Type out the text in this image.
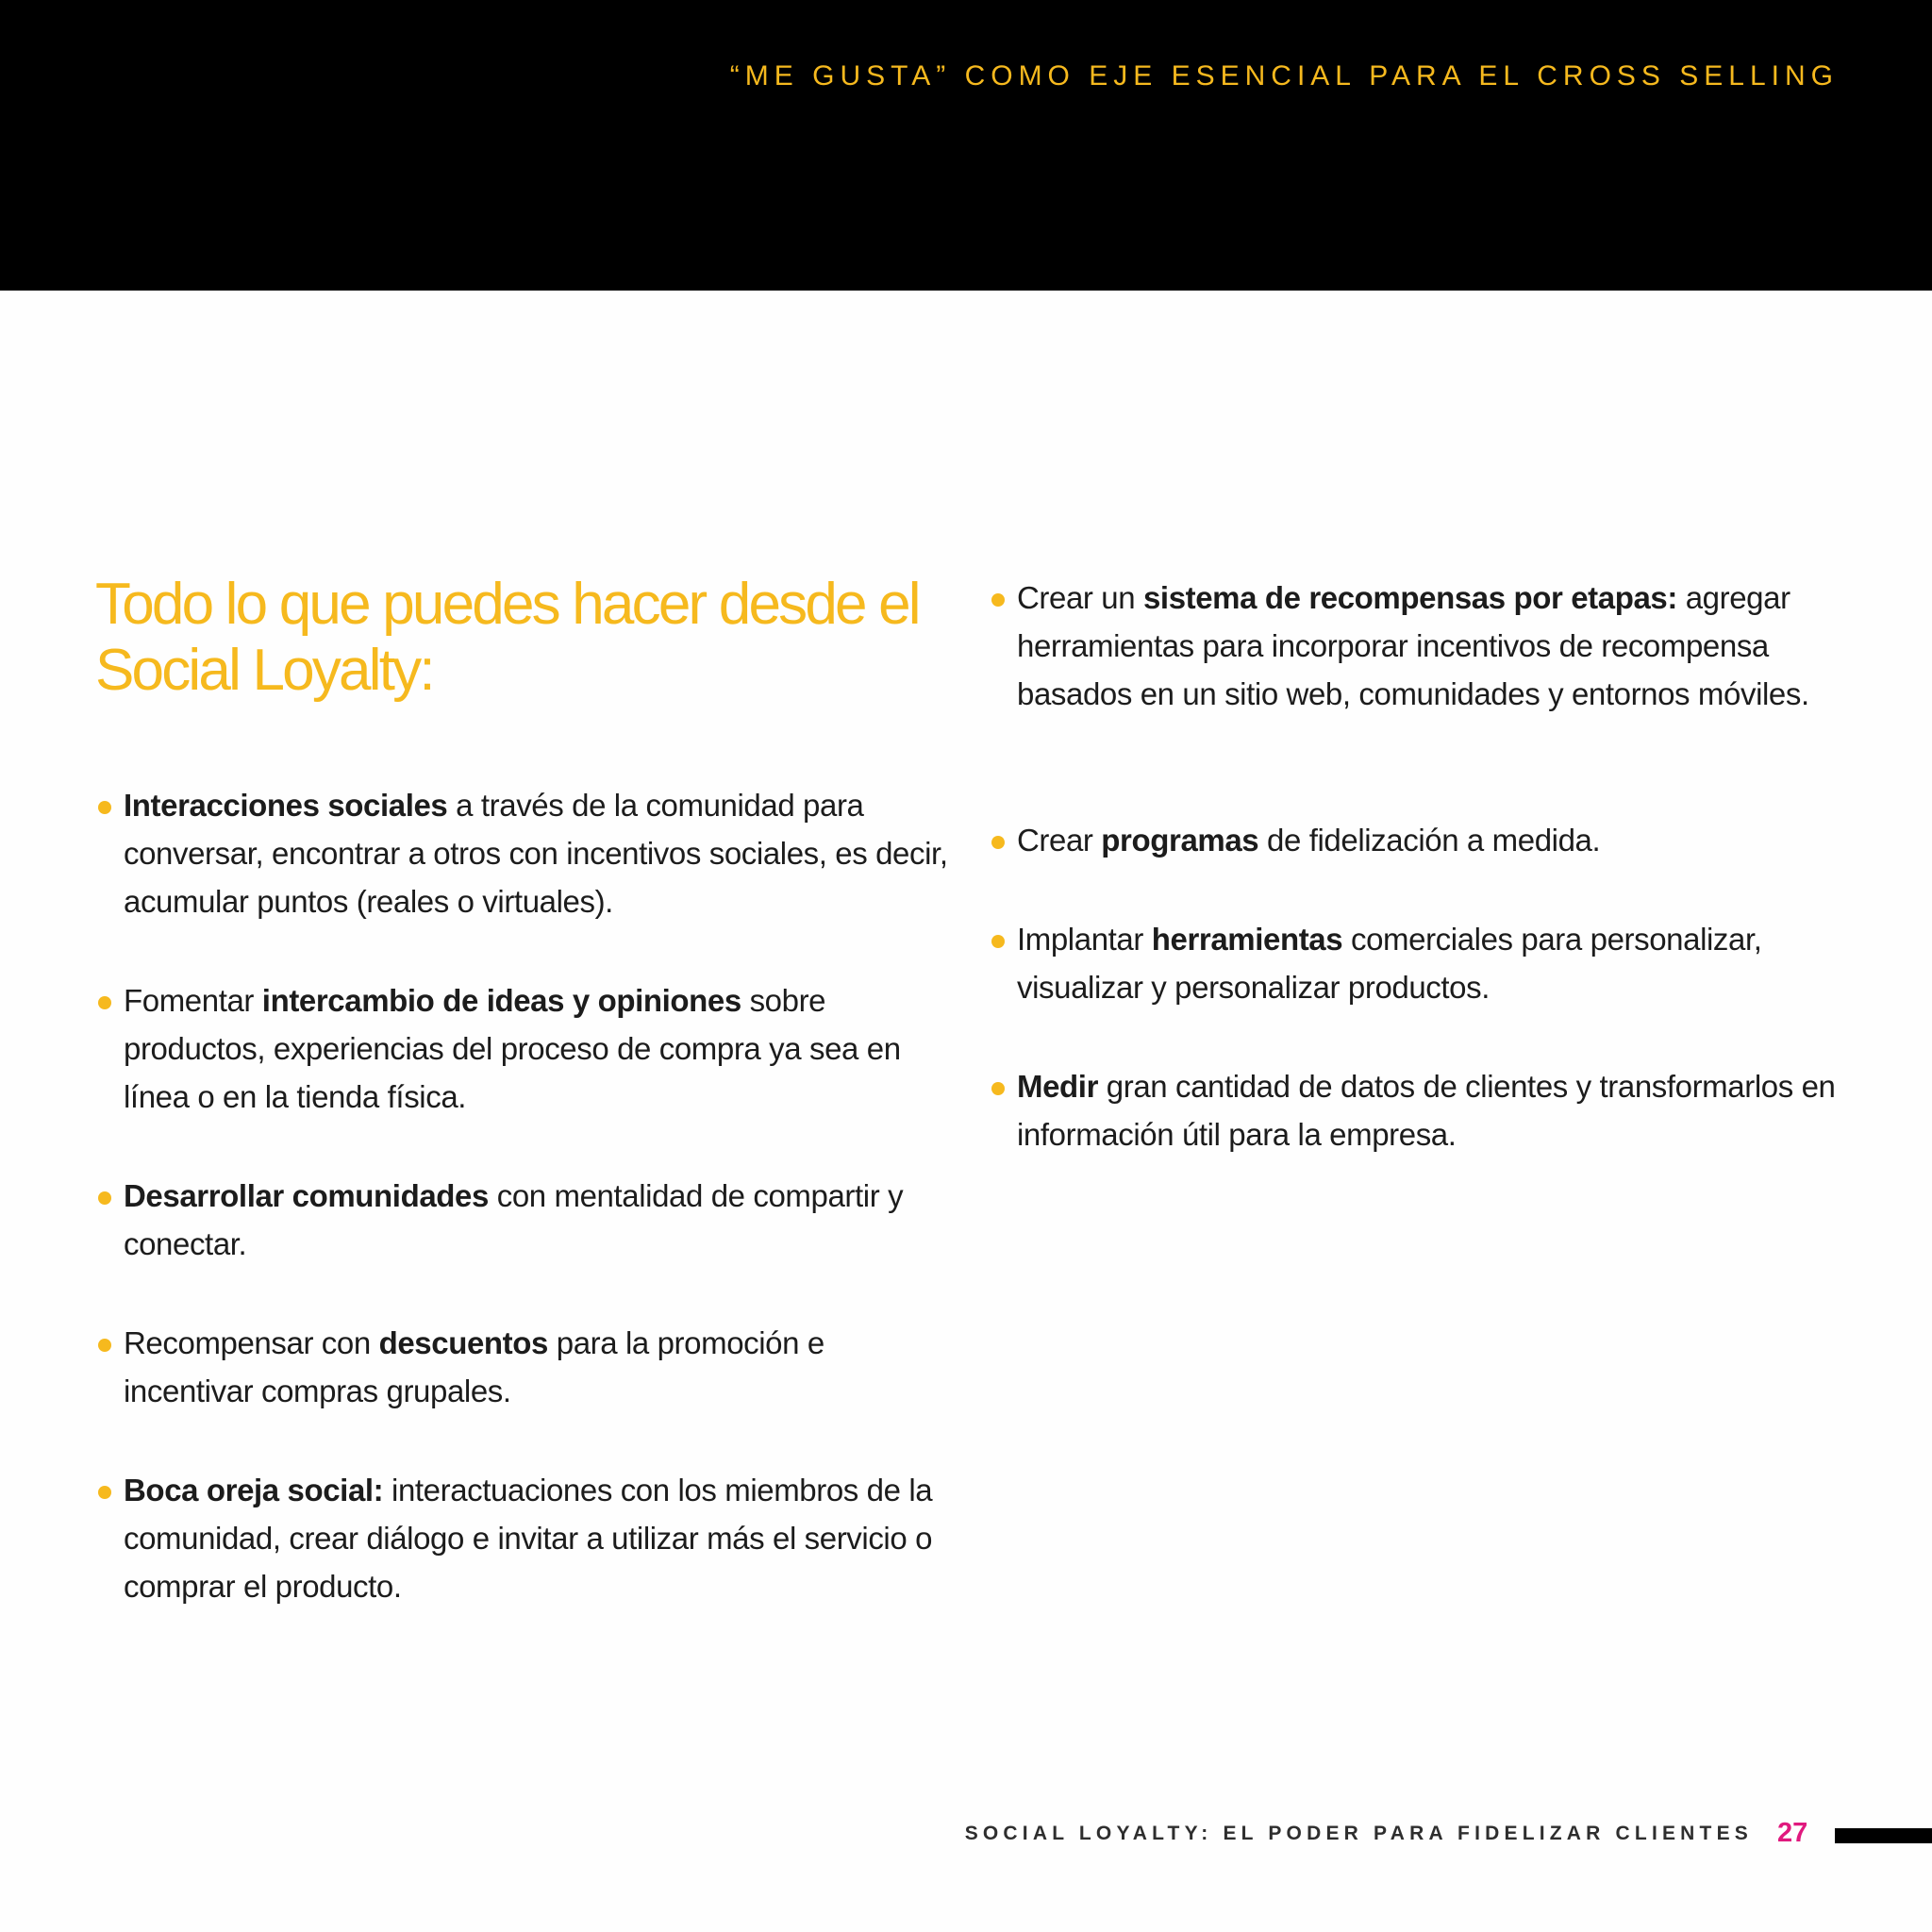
“ME GUSTA” COMO EJE ESENCIAL PARA EL CROSS SELLING
Todo lo que puedes hacer desde el Social Loyalty:
Interacciones sociales a través de la comunidad para conversar, encontrar a otros con incentivos sociales, es decir, acumular puntos (reales o virtuales).
Fomentar intercambio de ideas y opiniones sobre productos, experiencias del proceso de compra ya sea en línea o en la tienda física.
Desarrollar comunidades con mentalidad de compartir y conectar.
Recompensar con descuentos para la promoción e incentivar compras grupales.
Boca oreja social: interactuaciones con los miembros de la comunidad, crear diálogo e invitar a utilizar más el servicio o comprar el producto.
Crear un sistema de recompensas por etapas: agregar herramientas para incorporar incentivos de recompensa basados en un sitio web, comunidades y entornos móviles.
Crear programas de fidelización a medida.
Implantar herramientas comerciales para personalizar, visualizar y personalizar productos.
Medir gran cantidad de datos de clientes y transformarlos en información útil para la empresa.
SOCIAL LOYALTY: EL PODER PARA FIDELIZAR CLIENTES 27
